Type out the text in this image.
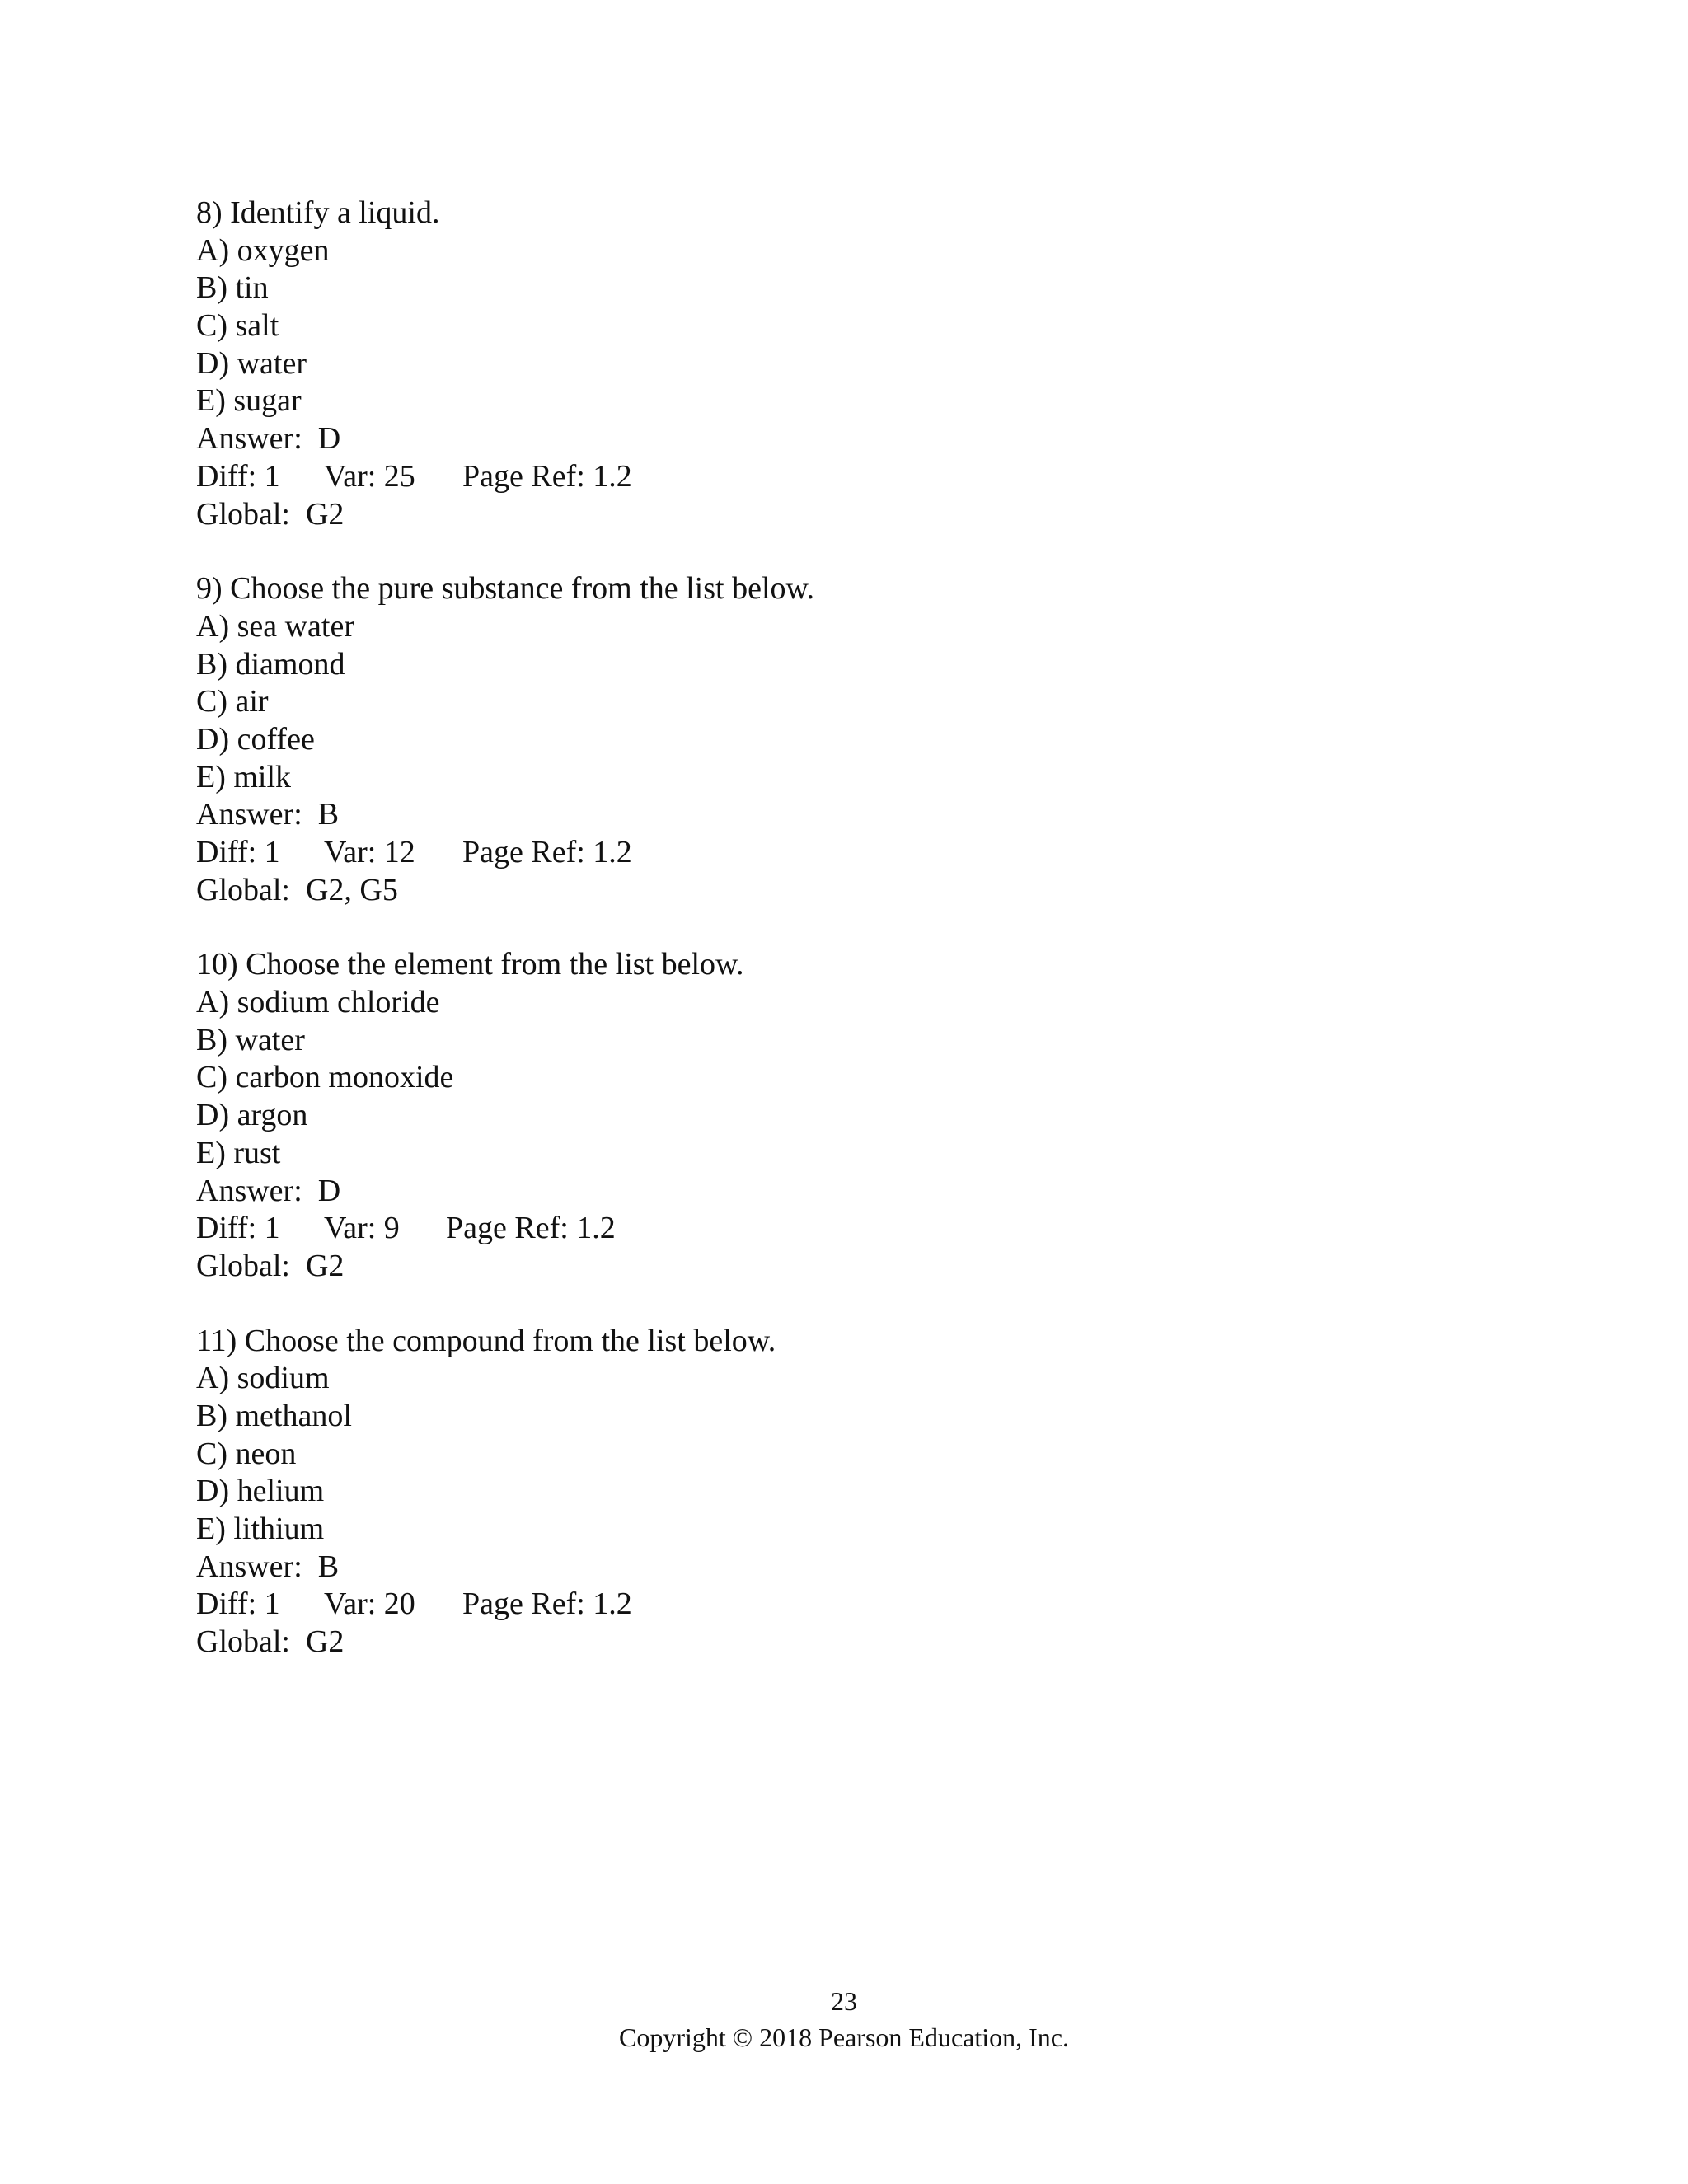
8) Identify a liquid.
A) oxygen
B) tin
C) salt
D) water
E) sugar
Answer:  D
Diff: 1	Var: 25	Page Ref: 1.2
Global:  G2
9) Choose the pure substance from the list below.
A) sea water
B) diamond
C) air
D) coffee
E) milk
Answer:  B
Diff: 1	Var: 12	Page Ref: 1.2
Global:  G2, G5
10) Choose the element from the list below.
A) sodium chloride
B) water
C) carbon monoxide
D) argon
E) rust
Answer:  D
Diff: 1	Var: 9	Page Ref: 1.2
Global:  G2
11) Choose the compound from the list below.
A) sodium
B) methanol
C) neon
D) helium
E) lithium
Answer:  B
Diff: 1	Var: 20	Page Ref: 1.2
Global:  G2
23
Copyright © 2018 Pearson Education, Inc.
